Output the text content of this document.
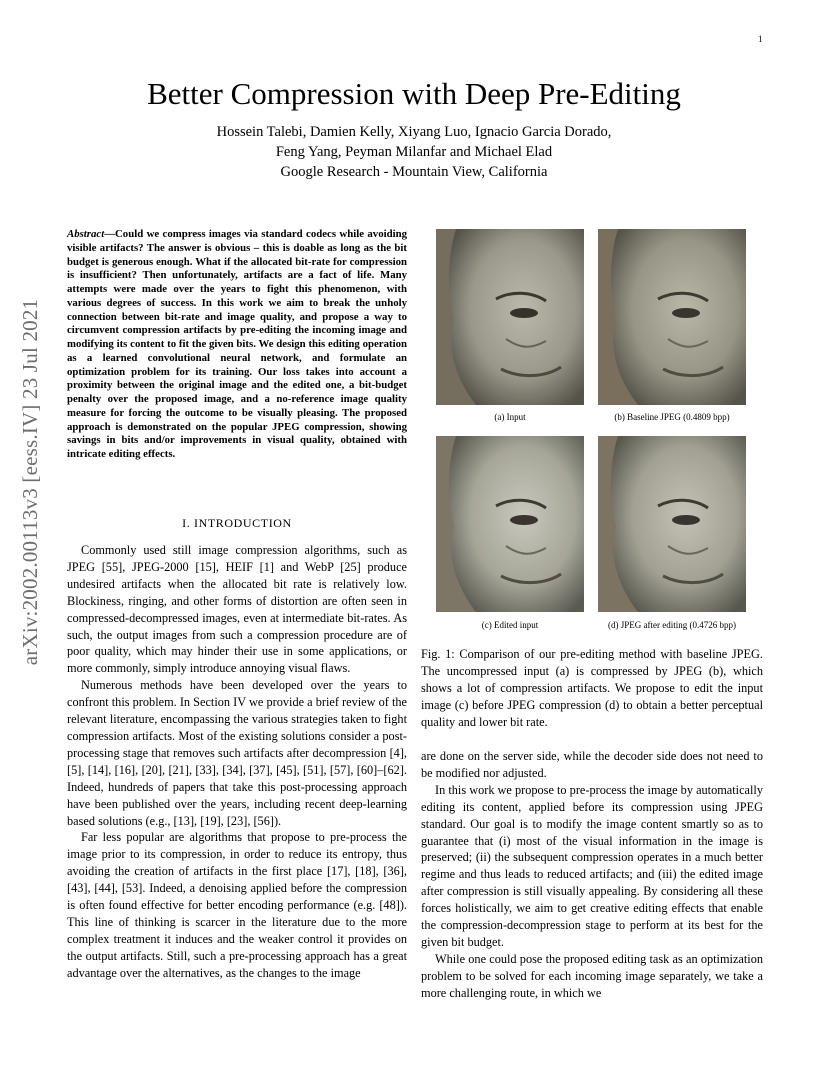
1
arXiv:2002.00113v3 [eess.IV] 23 Jul 2021
Better Compression with Deep Pre-Editing
Hossein Talebi, Damien Kelly, Xiyang Luo, Ignacio Garcia Dorado,
Feng Yang, Peyman Milanfar and Michael Elad
Google Research - Mountain View, California
Abstract—Could we compress images via standard codecs while avoiding visible artifacts? The answer is obvious – this is doable as long as the bit budget is generous enough. What if the allocated bit-rate for compression is insufficient? Then unfortunately, artifacts are a fact of life. Many attempts were made over the years to fight this phenomenon, with various degrees of success. In this work we aim to break the unholy connection between bit-rate and image quality, and propose a way to circumvent compression artifacts by pre-editing the incoming image and modifying its content to fit the given bits. We design this editing operation as a learned convolutional neural network, and formulate an optimization problem for its training. Our loss takes into account a proximity between the original image and the edited one, a bit-budget penalty over the proposed image, and a no-reference image quality measure for forcing the outcome to be visually pleasing. The proposed approach is demonstrated on the popular JPEG compression, showing savings in bits and/or improvements in visual quality, obtained with intricate editing effects.
I. INTRODUCTION

Commonly used still image compression algorithms, such as JPEG [55], JPEG-2000 [15], HEIF [1] and WebP [25] produce undesired artifacts when the allocated bit rate is relatively low. Blockiness, ringing, and other forms of distortion are often seen in compressed-decompressed images, even at intermediate bit-rates. As such, the output images from such a compression procedure are of poor quality, which may hinder their use in some applications, or more commonly, simply introduce annoying visual flaws.

Numerous methods have been developed over the years to confront this problem. In Section IV we provide a brief review of the relevant literature, encompassing the various strategies taken to fight compression artifacts. Most of the existing solutions consider a post-processing stage that removes such artifacts after decompression [4], [5], [14], [16], [20], [21], [33], [34], [37], [45], [51], [57], [60]–[62]. Indeed, hundreds of papers that take this post-processing approach have been published over the years, including recent deep-learning based solutions (e.g., [13], [19], [23], [56]).

Far less popular are algorithms that propose to pre-process the image prior to its compression, in order to reduce its entropy, thus avoiding the creation of artifacts in the first place [17], [18], [36], [43], [44], [53]. Indeed, a denoising applied before the compression is often found effective for better encoding performance (e.g. [48]). This line of thinking is scarcer in the literature due to the more complex treatment it induces and the weaker control it provides on the output artifacts. Still, such a pre-processing approach has a great advantage over the alternatives, as the changes to the image

(a) Input	(b) Baseline JPEG (0.4809 bpp)
(c) Edited input	(d) JPEG after editing (0.4726 bpp)
Fig. 1: Comparison of our pre-editing method with baseline JPEG. The uncompressed input (a) is compressed by JPEG (b), which shows a lot of compression artifacts. We propose to edit the input image (c) before JPEG compression (d) to obtain a better perceptual quality and lower bit rate.

are done on the server side, while the decoder side does not need to be modified nor adjusted.

In this work we propose to pre-process the image by automatically editing its content, applied before its compression using JPEG standard. Our goal is to modify the image content smartly so as to guarantee that (i) most of the visual information in the image is preserved; (ii) the subsequent compression operates in a much better regime and thus leads to reduced artifacts; and (iii) the edited image after compression is still visually appealing. By considering all these forces holistically, we aim to get creative editing effects that enable the compression-decompression stage to perform at its best for the given bit budget.

While one could pose the proposed editing task as an optimization problem to be solved for each incoming image separately, we take a more challenging route, in which we
